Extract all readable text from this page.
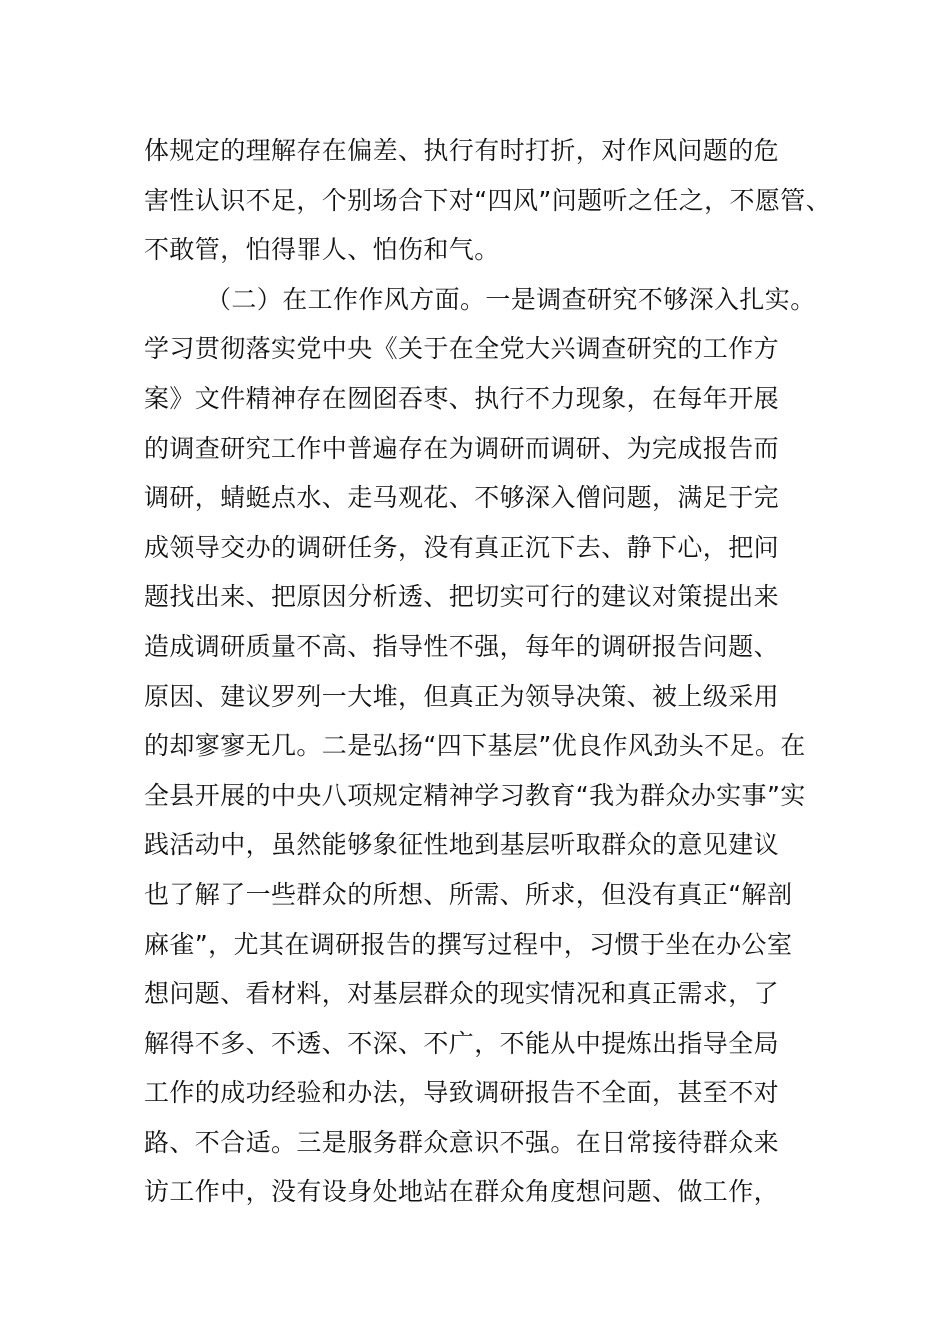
体规定的理解存在偏差、执行有时打折，对作风问题的危
害性认识不足，个别场合下对“四风”问题听之任之，不愿管、
不敢管，怕得罪人、怕伤和气。
（二）在工作作风方面。一是调查研究不够深入扎实。
学习贯彻落实党中央《关于在全党大兴调查研究的工作方
案》文件精神存在囫囵吞枣、执行不力现象，在每年开展
的调查研究工作中普遍存在为调研而调研、为完成报告而
调研，蜻蜓点水、走马观花、不够深入僧问题，满足于完
成领导交办的调研任务，没有真正沉下去、静下心，把问
题找出来、把原因分析透、把切实可行的建议对策提出来
造成调研质量不高、指导性不强，每年的调研报告问题、
原因、建议罗列一大堆，但真正为领导决策、被上级采用
的却寥寥无几。二是弘扬“四下基层”优良作风劲头不足。在
全县开展的中央八项规定精神学习教育“我为群众办实事”实
践活动中，虽然能够象征性地到基层听取群众的意见建议
也了解了一些群众的所想、所需、所求，但没有真正“解剖
麻雀”，尤其在调研报告的撰写过程中，习惯于坐在办公室
想问题、看材料，对基层群众的现实情况和真正需求，了
解得不多、不透、不深、不广，不能从中提炼出指导全局
工作的成功经验和办法，导致调研报告不全面，甚至不对
路、不合适。三是服务群众意识不强。在日常接待群众来
访工作中，没有设身处地站在群众角度想问题、做工作，
